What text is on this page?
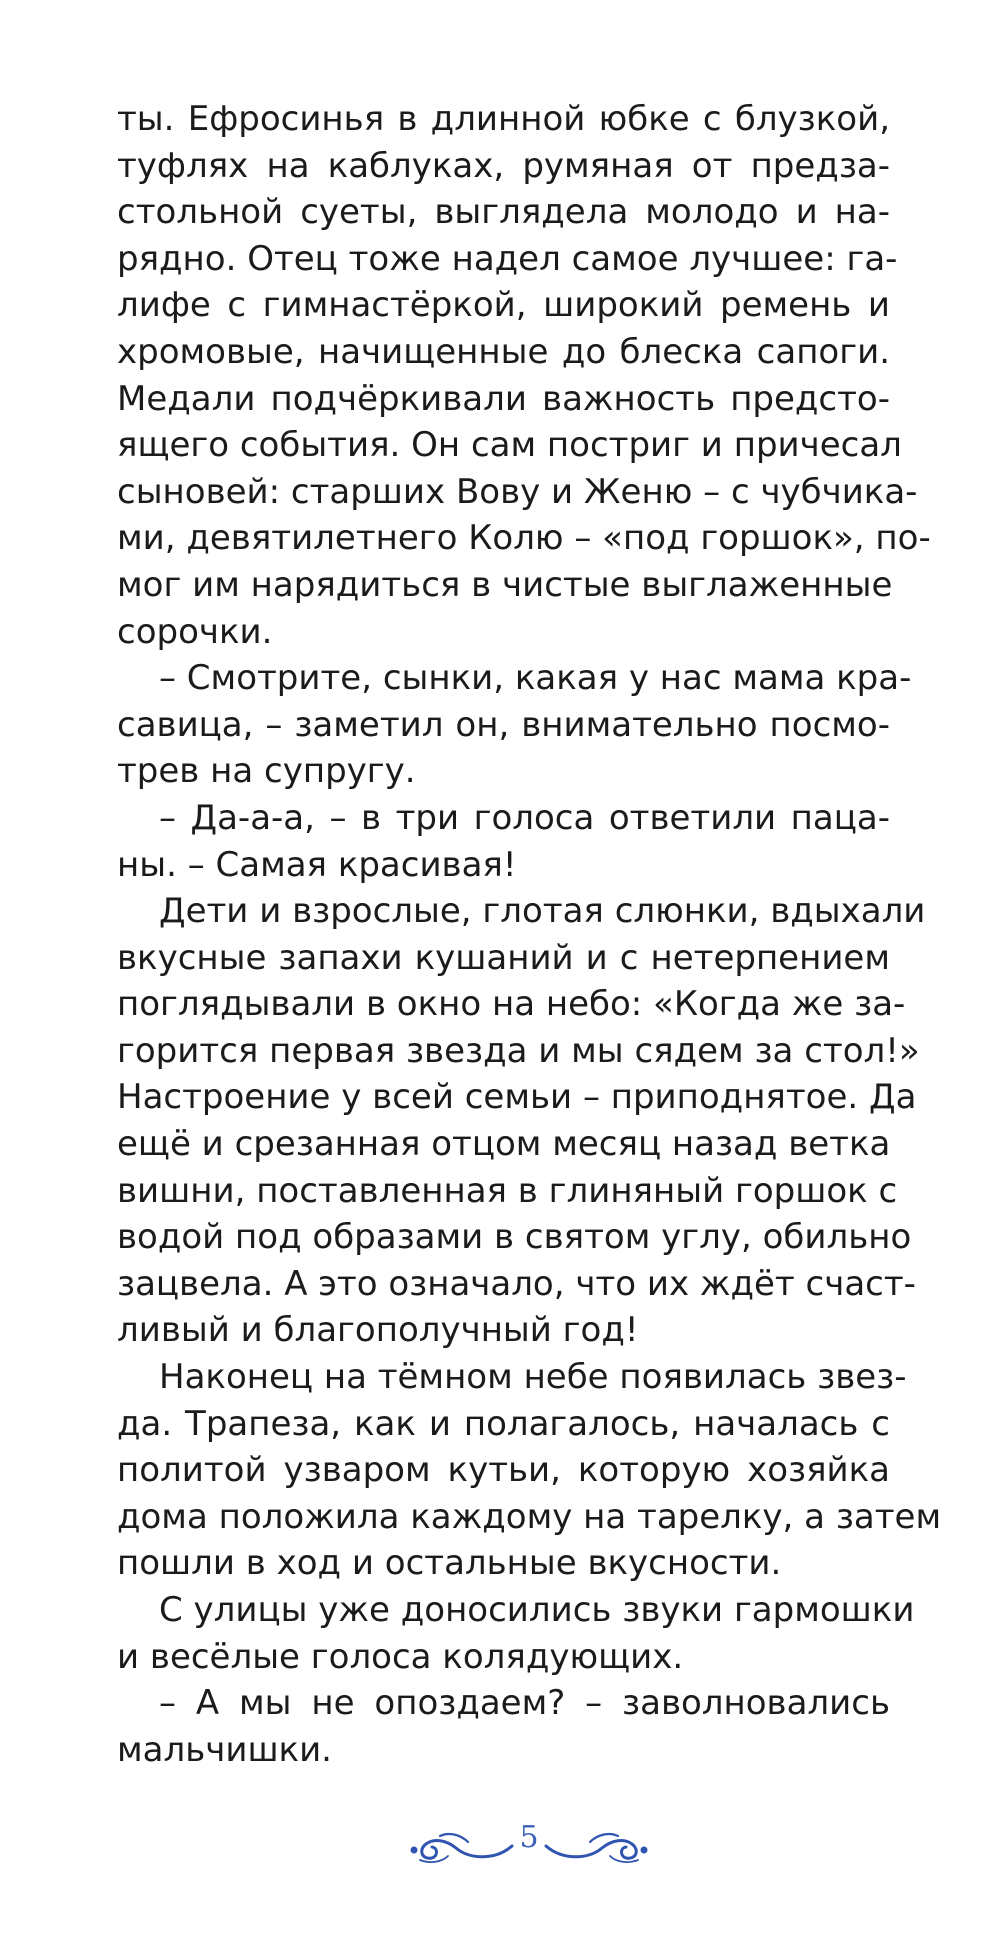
ты. Ефросинья в длинной юбке с блузкой,
туфлях на каблуках, румяная от предза-
стольной суеты, выглядела молодо и на-
рядно. Отец тоже надел самое лучшее: га-
лифе с гимнастёркой, широкий ремень и
хромовые, начищенные до блеска сапоги.
Медали подчёркивали важность предсто-
ящего события. Он сам постриг и причесал
сыновей: старших Вову и Женю – с чубчика-
ми, девятилетнего Колю – «под горшок», по-
мог им нарядиться в чистые выглаженные
сорочки.
– Смотрите, сынки, какая у нас мама кра-
савица, – заметил он, внимательно посмо-
трев на супругу.
– Да-а-а, – в три голоса ответили паца-
ны. – Самая красивая!
Дети и взрослые, глотая слюнки, вдыхали
вкусные запахи кушаний и с нетерпением
поглядывали в окно на небо: «Когда же за-
горится первая звезда и мы сядем за стол!»
Настроение у всей семьи – приподнятое. Да
ещё и срезанная отцом месяц назад ветка
вишни, поставленная в глиняный горшок с
водой под образами в святом углу, обильно
зацвела. А это означало, что их ждёт счаст-
ливый и благополучный год!
Наконец на тёмном небе появилась звез-
да. Трапеза, как и полагалось, началась с
политой узваром кутьи, которую хозяйка
дома положила каждому на тарелку, а затем
пошли в ход и остальные вкусности.
С улицы уже доносились звуки гармошки
и весёлые голоса колядующих.
– А мы не опоздаем? – заволновались
мальчишки.
5
